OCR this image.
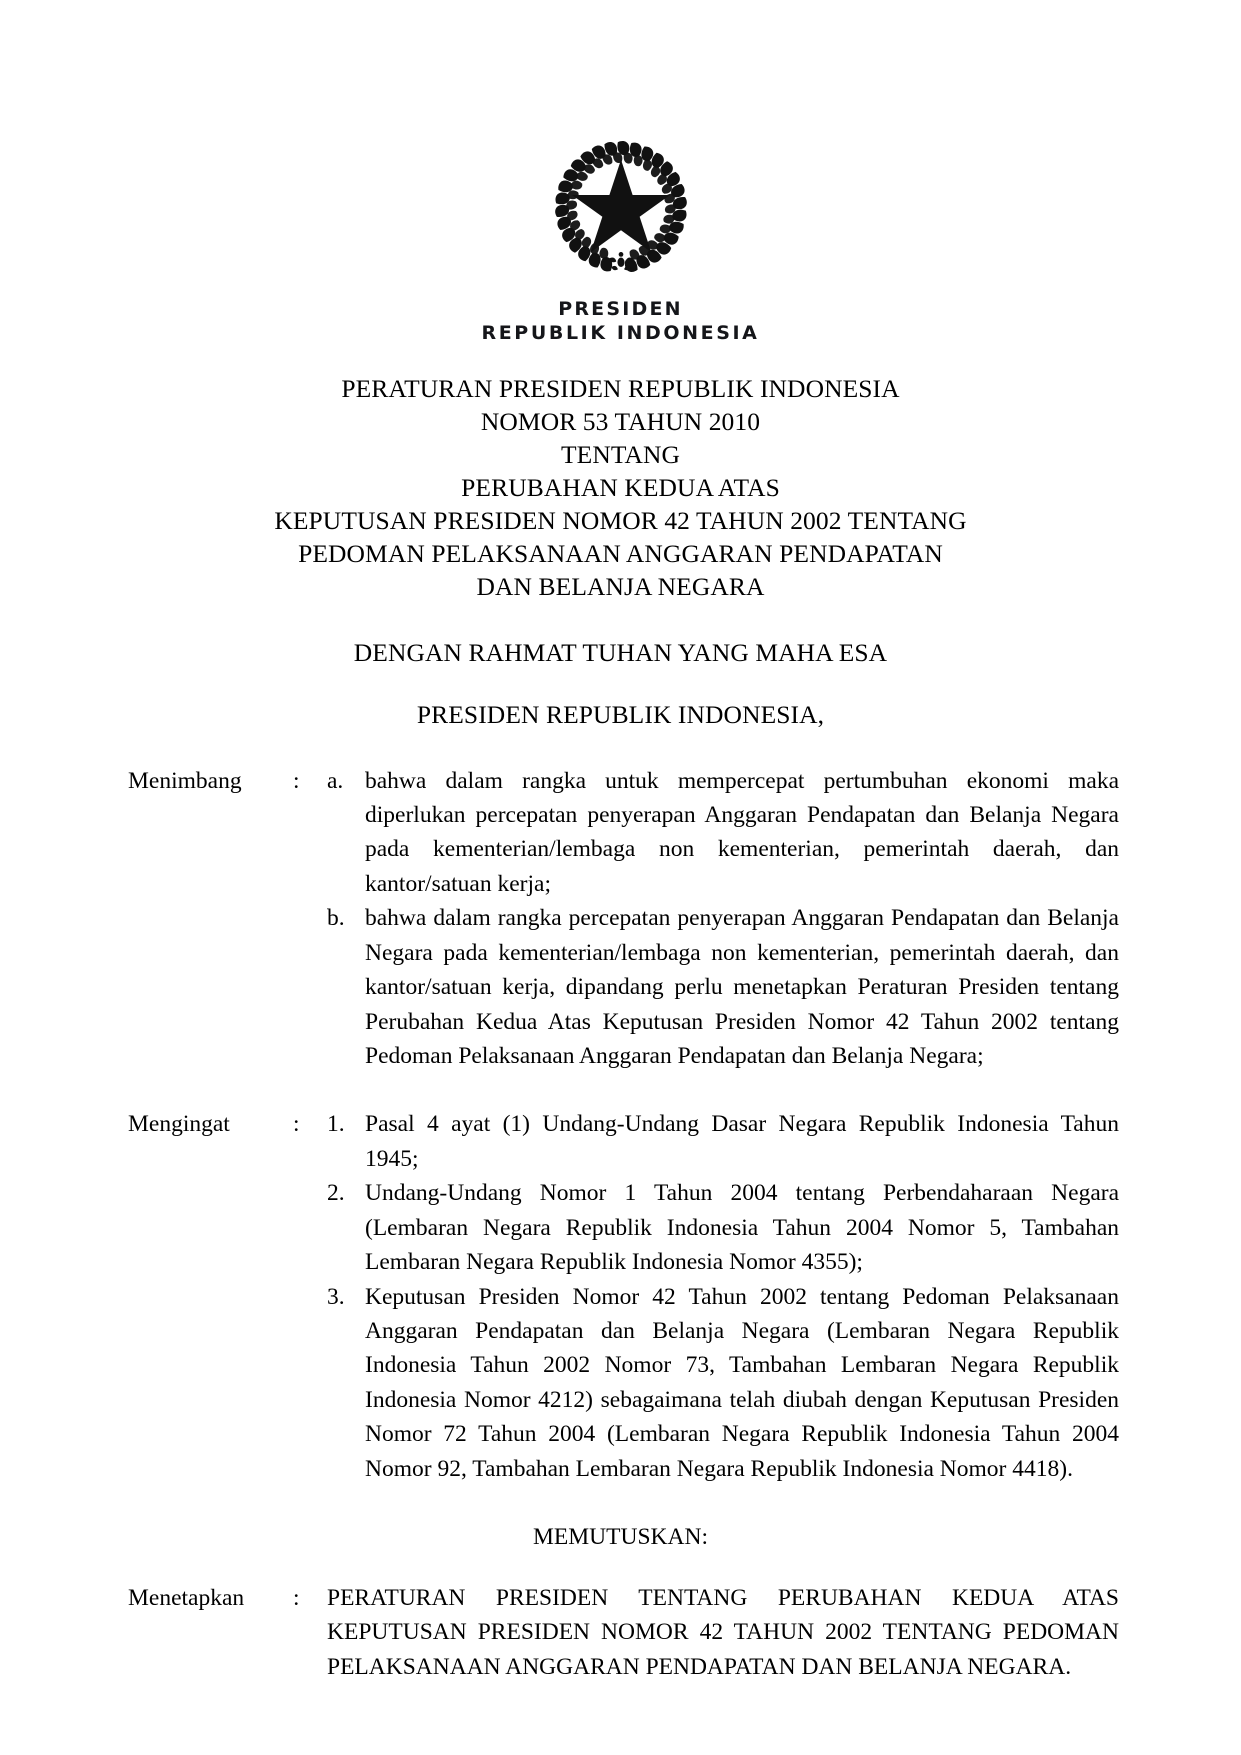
PRESIDEN
REPUBLIK INDONESIA
PERATURAN PRESIDEN REPUBLIK INDONESIA
NOMOR 53 TAHUN 2010
TENTANG
PERUBAHAN KEDUA ATAS
KEPUTUSAN PRESIDEN NOMOR 42 TAHUN 2002 TENTANG
PEDOMAN PELAKSANAAN ANGGARAN PENDAPATAN
DAN BELANJA NEGARA
DENGAN RAHMAT TUHAN YANG MAHA ESA
PRESIDEN REPUBLIK INDONESIA,
Menimbang	:	a. bahwa dalam rangka untuk mempercepat pertumbuhan ekonomi maka diperlukan percepatan penyerapan Anggaran Pendapatan dan Belanja Negara pada kementerian/lembaga non kementerian, pemerintah daerah, dan kantor/satuan kerja;
b. bahwa dalam rangka percepatan penyerapan Anggaran Pendapatan dan Belanja Negara pada kementerian/lembaga non kementerian, pemerintah daerah, dan kantor/satuan kerja, dipandang perlu menetapkan Peraturan Presiden tentang Perubahan Kedua Atas Keputusan Presiden Nomor 42 Tahun 2002 tentang Pedoman Pelaksanaan Anggaran Pendapatan dan Belanja Negara;
Mengingat	:	1. Pasal 4 ayat (1) Undang-Undang Dasar Negara Republik Indonesia Tahun 1945;
2. Undang-Undang Nomor 1 Tahun 2004 tentang Perbendaharaan Negara (Lembaran Negara Republik Indonesia Tahun 2004 Nomor 5, Tambahan Lembaran Negara Republik Indonesia Nomor 4355);
3. Keputusan Presiden Nomor 42 Tahun 2002 tentang Pedoman Pelaksanaan Anggaran Pendapatan dan Belanja Negara (Lembaran Negara Republik Indonesia Tahun 2002 Nomor 73, Tambahan Lembaran Negara Republik Indonesia Nomor 4212) sebagaimana telah diubah dengan Keputusan Presiden Nomor 72 Tahun 2004 (Lembaran Negara Republik Indonesia Tahun 2004 Nomor 92, Tambahan Lembaran Negara Republik Indonesia Nomor 4418).
MEMUTUSKAN:
Menetapkan	:	PERATURAN PRESIDEN TENTANG PERUBAHAN KEDUA ATAS KEPUTUSAN PRESIDEN NOMOR 42 TAHUN 2002 TENTANG PEDOMAN PELAKSANAAN ANGGARAN PENDAPATAN DAN BELANJA NEGARA.
